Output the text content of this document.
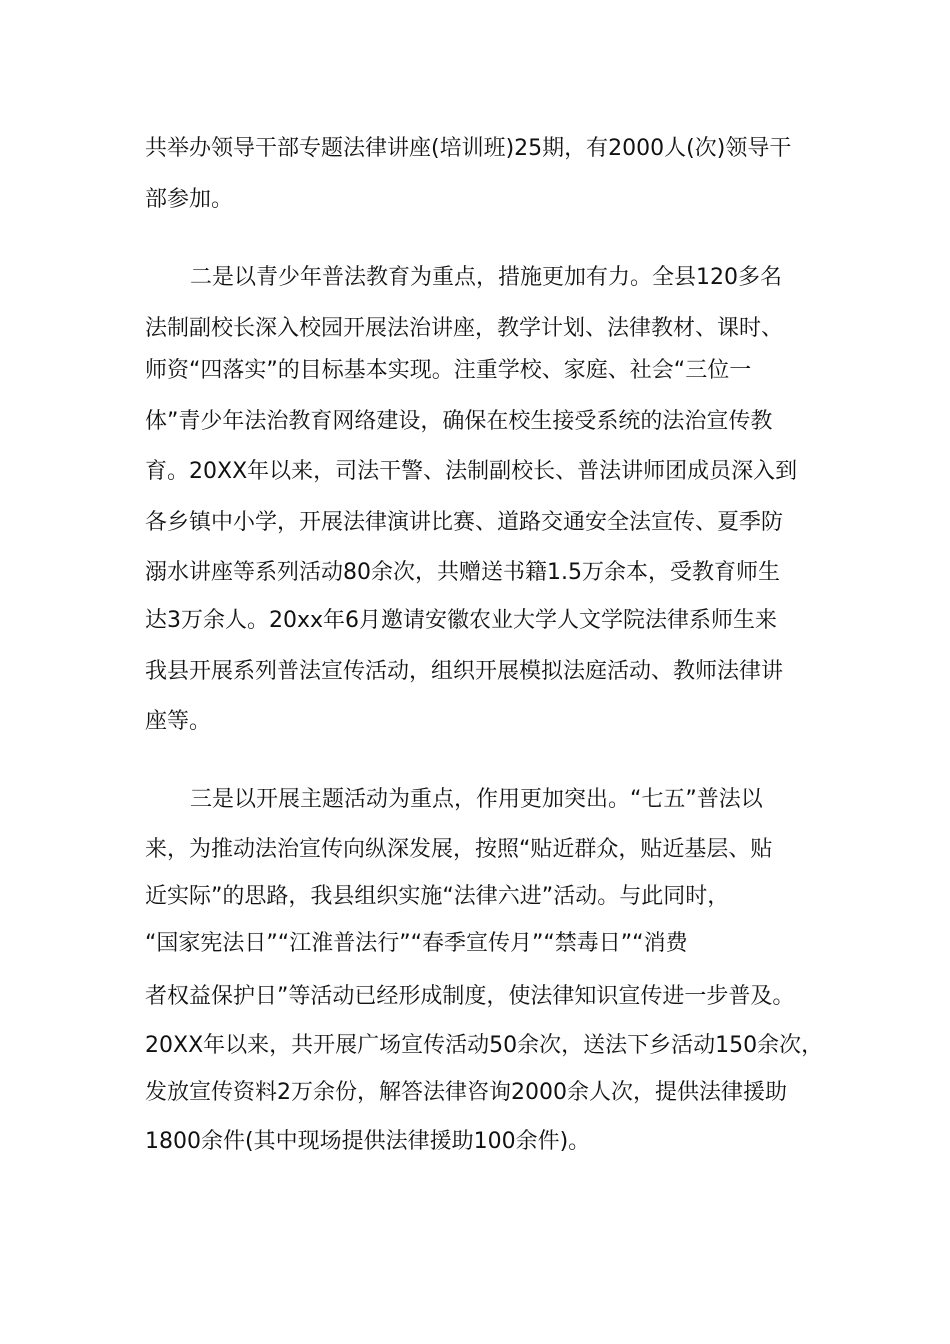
共举办领导干部专题法律讲座(培训班)25期，有2000人(次)领导干
部参加。
二是以青少年普法教育为重点，措施更加有力。全县120多名
法制副校长深入校园开展法治讲座，教学计划、法律教材、课时、
师资“四落实”的目标基本实现。注重学校、家庭、社会“三位一
体”青少年法治教育网络建设，确保在校生接受系统的法治宣传教
育。20XX年以来，司法干警、法制副校长、普法讲师团成员深入到
各乡镇中小学，开展法律演讲比赛、道路交通安全法宣传、夏季防
溺水讲座等系列活动80余次，共赠送书籍1.5万余本，受教育师生
达3万余人。20xx年6月邀请安徽农业大学人文学院法律系师生来
我县开展系列普法宣传活动，组织开展模拟法庭活动、教师法律讲
座等。
三是以开展主题活动为重点，作用更加突出。“七五”普法以
来，为推动法治宣传向纵深发展，按照“贴近群众，贴近基层、贴
近实际”的思路，我县组织实施“法律六进”活动。与此同时，
“国家宪法日”“江淮普法行”“春季宣传月”“禁毒日”“消费
者权益保护日”等活动已经形成制度，使法律知识宣传进一步普及。
20XX年以来，共开展广场宣传活动50余次，送法下乡活动150余次，
发放宣传资料2万余份，解答法律咨询2000余人次，提供法律援助
1800余件(其中现场提供法律援助100余件)。
